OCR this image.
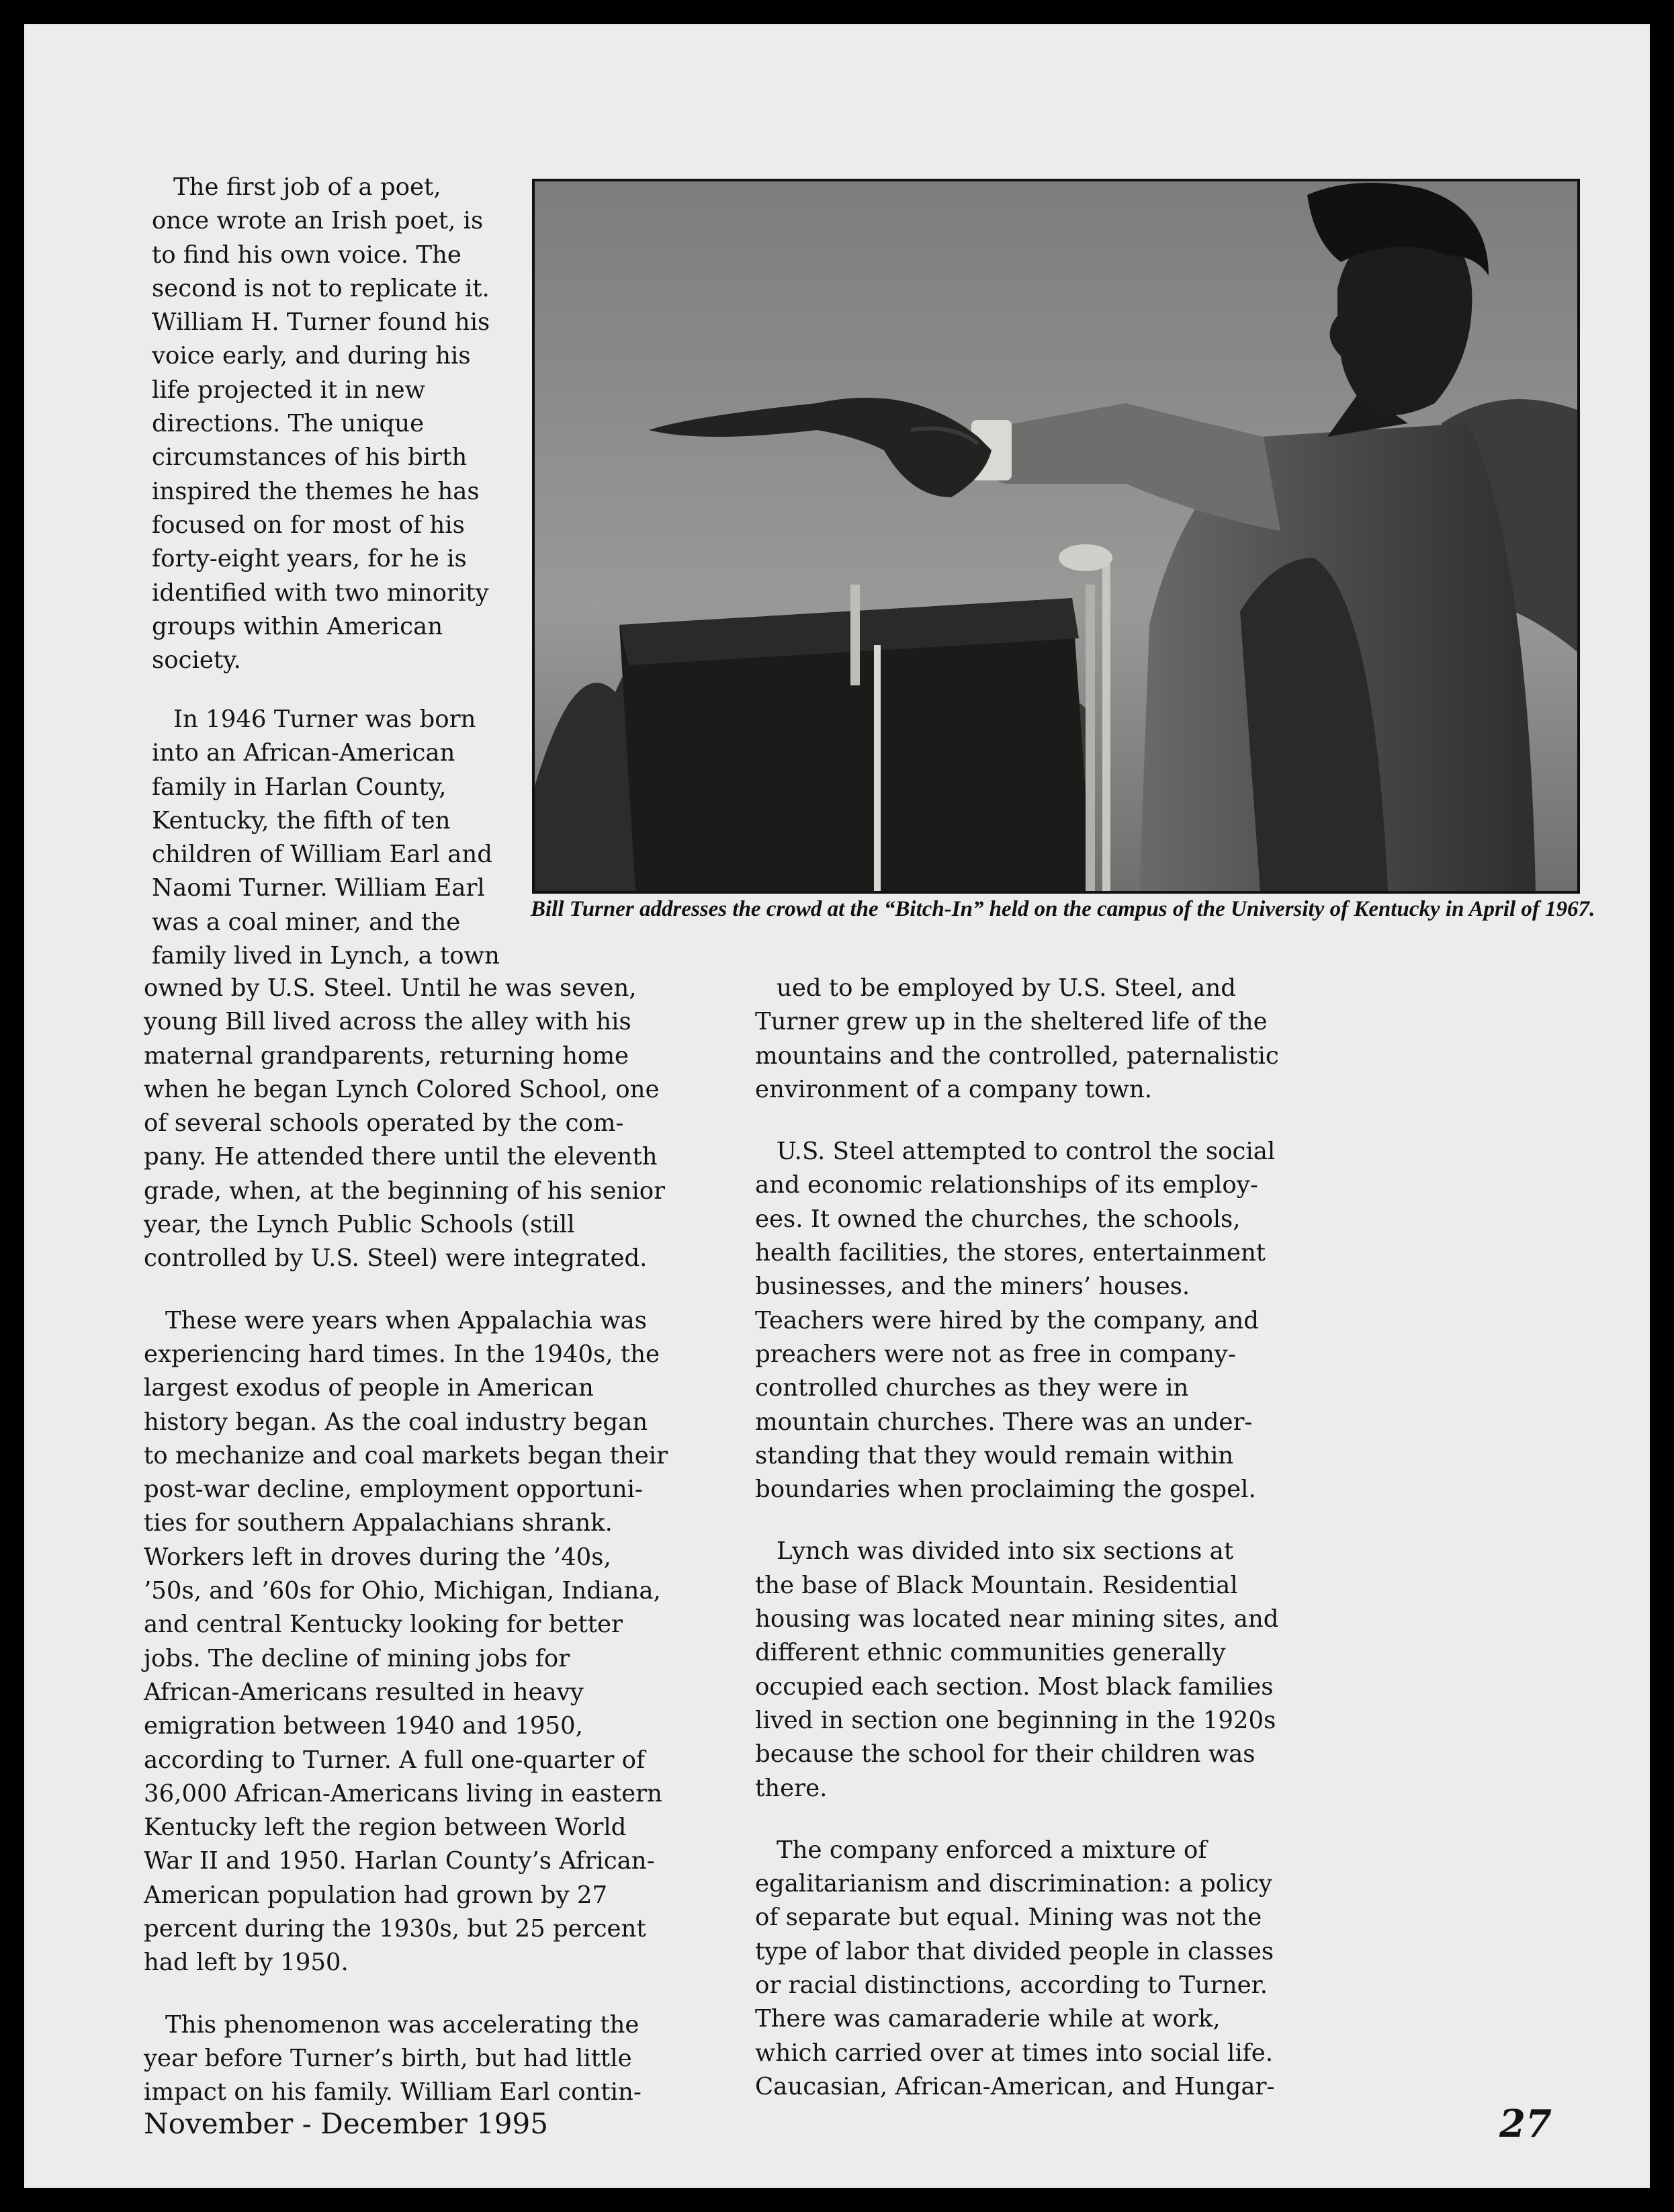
The first job of a poet,
once wrote an Irish poet, is
to find his own voice. The
second is not to replicate it.
William H. Turner found his
voice early, and during his
life projected it in new
directions. The unique
circumstances of his birth
inspired the themes he has
focused on for most of his
forty-eight years, for he is
identified with two minority
groups within American
society.
In 1946 Turner was born
into an African-American
family in Harlan County,
Kentucky, the fifth of ten
children of William Earl and
Naomi Turner. William Earl
was a coal miner, and the
family lived in Lynch, a town
owned by U.S. Steel. Until he was seven,
young Bill lived across the alley with his
maternal grandparents, returning home
when he began Lynch Colored School, one
of several schools operated by the com-
pany. He attended there until the eleventh
grade, when, at the beginning of his senior
year, the Lynch Public Schools (still
controlled by U.S. Steel) were integrated.
These were years when Appalachia was
experiencing hard times. In the 1940s, the
largest exodus of people in American
history began. As the coal industry began
to mechanize and coal markets began their
post-war decline, employment opportuni-
ties for southern Appalachians shrank.
Workers left in droves during the ’40s,
’50s, and ’60s for Ohio, Michigan, Indiana,
and central Kentucky looking for better
jobs. The decline of mining jobs for
African-Americans resulted in heavy
emigration between 1940 and 1950,
according to Turner. A full one-quarter of
36,000 African-Americans living in eastern
Kentucky left the region between World
War II and 1950. Harlan County’s African-
American population had grown by 27
percent during the 1930s, but 25 percent
had left by 1950.
This phenomenon was accelerating the
year before Turner’s birth, but had little
impact on his family. William Earl contin-
ued to be employed by U.S. Steel, and
Turner grew up in the sheltered life of the
mountains and the controlled, paternalistic
environment of a company town.
U.S. Steel attempted to control the social
and economic relationships of its employ-
ees. It owned the churches, the schools,
health facilities, the stores, entertainment
businesses, and the miners’ houses.
Teachers were hired by the company, and
preachers were not as free in company-
controlled churches as they were in
mountain churches. There was an under-
standing that they would remain within
boundaries when proclaiming the gospel.
Lynch was divided into six sections at
the base of Black Mountain. Residential
housing was located near mining sites, and
different ethnic communities generally
occupied each section. Most black families
lived in section one beginning in the 1920s
because the school for their children was
there.
The company enforced a mixture of
egalitarianism and discrimination: a policy
of separate but equal. Mining was not the
type of labor that divided people in classes
or racial distinctions, according to Turner.
There was camaraderie while at work,
which carried over at times into social life.
Caucasian, African-American, and Hungar-

Bill Turner addresses the crowd at the “Bitch-In” held on the campus of the University of Kentucky in April of 1967.

November - December 1995	27
